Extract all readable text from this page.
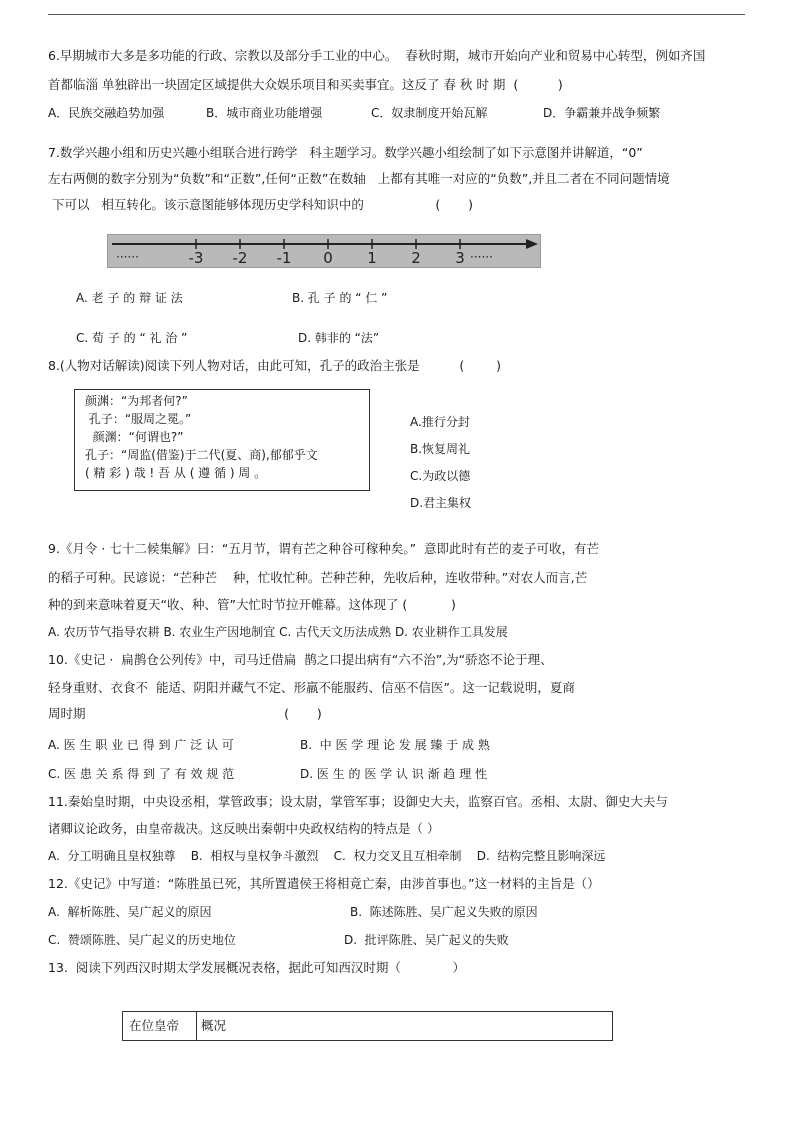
6.早期城市大多是多功能的行政、宗教以及部分手工业的中心。  春秋时期，城市开始向产业和贸易中心转型，例如齐国
首都临淄 单独辟出一块固定区域提供大众娱乐项目和买卖事宜。这反了 春 秋 时 期  (          )
A．民族交融趋势加强	B．城市商业功能增强	C．奴隶制度开始瓦解	D．争霸兼并战争频繁
7.数学兴趣小组和历史兴趣小组联合进行跨学   科主题学习。数学兴趣小组绘制了如下示意图并讲解道，“0”
左右两侧的数字分别为“负数”和“正数”,任何“正数”在数轴   上都有其唯一对应的“负数”,并且二者在不同问题情境
下可以   相互转化。该示意图能够体现历史学科知识中的                  (       )
-3 -2 -1 0 1 2 3
······	······
A. 老 子 的 辩 证 法	B. 孔 子 的 “ 仁 ”
C. 荀 子 的 “ 礼 治 ”	D. 韩非的 “法”
8.(人物对话解读)阅读下列人物对话，由此可知，孔子的政治主张是          (        )
颜渊：“为邦者何?”
孔子：“服周之冕。”
颜渊：“何谓也?”
孔子：“周监(借鉴)于二代(夏、商),郁郁乎文
( 精 彩 ) 哉 ! 吾 从 ( 遵 循 ) 周 。
A.推行分封
B.恢复周礼
C.为政以德
D.君主集权
9.《月令 · 七十二候集解》曰：“五月节，谓有芒之种谷可稼种矣。”  意即此时有芒的麦子可收，有芒
的稻子可种。民谚说：“芒种芒    种，忙收忙种。芒种芒种，先收后种，连收带种。”对农人而言,芒
种的到来意味着夏天“收、种、管”大忙时节拉开帷幕。这体现了 (           )
A. 农历节气指导农耕 B. 农业生产因地制宜 C. 古代天文历法成熟 D. 农业耕作工具发展
10.《史记 ·  扁鹊仓公列传》中，司马迁借扁  鹊之口提出病有“六不治”,为“骄恣不论于理、
轻身重财、衣食不  能适、阴阳并藏气不定、形羸不能服药、信巫不信医”。这一记载说明，夏商
周时期                                                  (       )
A. 医 生 职 业 已 得 到 广 泛 认 可	B.  中 医 学 理 论 发 展 臻 于 成 熟
C. 医 患 关 系 得 到 了 有 效 规 范	D. 医 生 的 医 学 认 识 渐 趋 理 性
11.秦始皇时期，中央设丞相，掌管政事；设太尉，掌管军事；设御史大夫，监察百官。丞相、太尉、御史大夫与
诸卿议论政务，由皇帝裁决。这反映出秦朝中央政权结构的特点是（ ）
A.  分工明确且皇权独尊    B.  相权与皇权争斗激烈    C.  权力交叉且互相牵制    D.  结构完整且影响深远
12.《史记》中写道：“陈胜虽已死，其所置遣侯王将相竟亡秦，由涉首事也。”这一材料的主旨是（）
A.  解析陈胜、吴广起义的原因	B.  陈述陈胜、吴广起义失败的原因
C.  赞颂陈胜、吴广起义的历史地位	D.  批评陈胜、吴广起义的失败
13.  阅读下列西汉时期太学发展概况表格，据此可知西汉时期（             ）
在位皇帝	概况
